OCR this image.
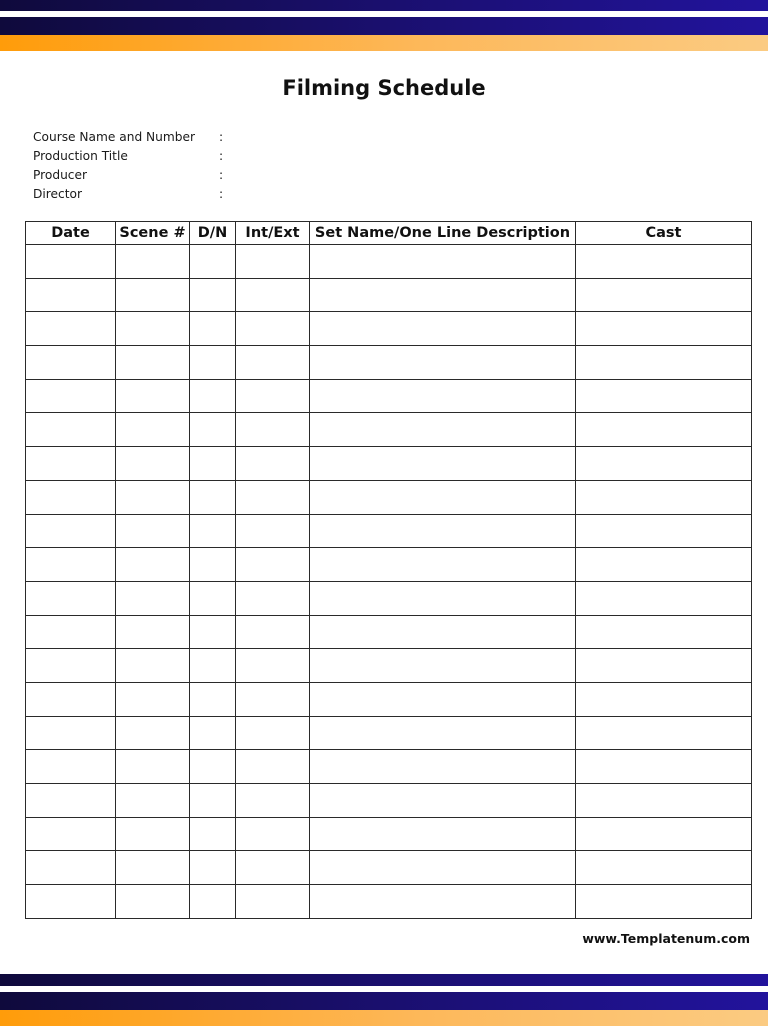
Filming Schedule
Course Name and Number	:
Production Title	:
Producer	:
Director	:
Date	Scene #	D/N	Int/Ext	Set Name/One Line Description	Cast

www.Templatenum.com
